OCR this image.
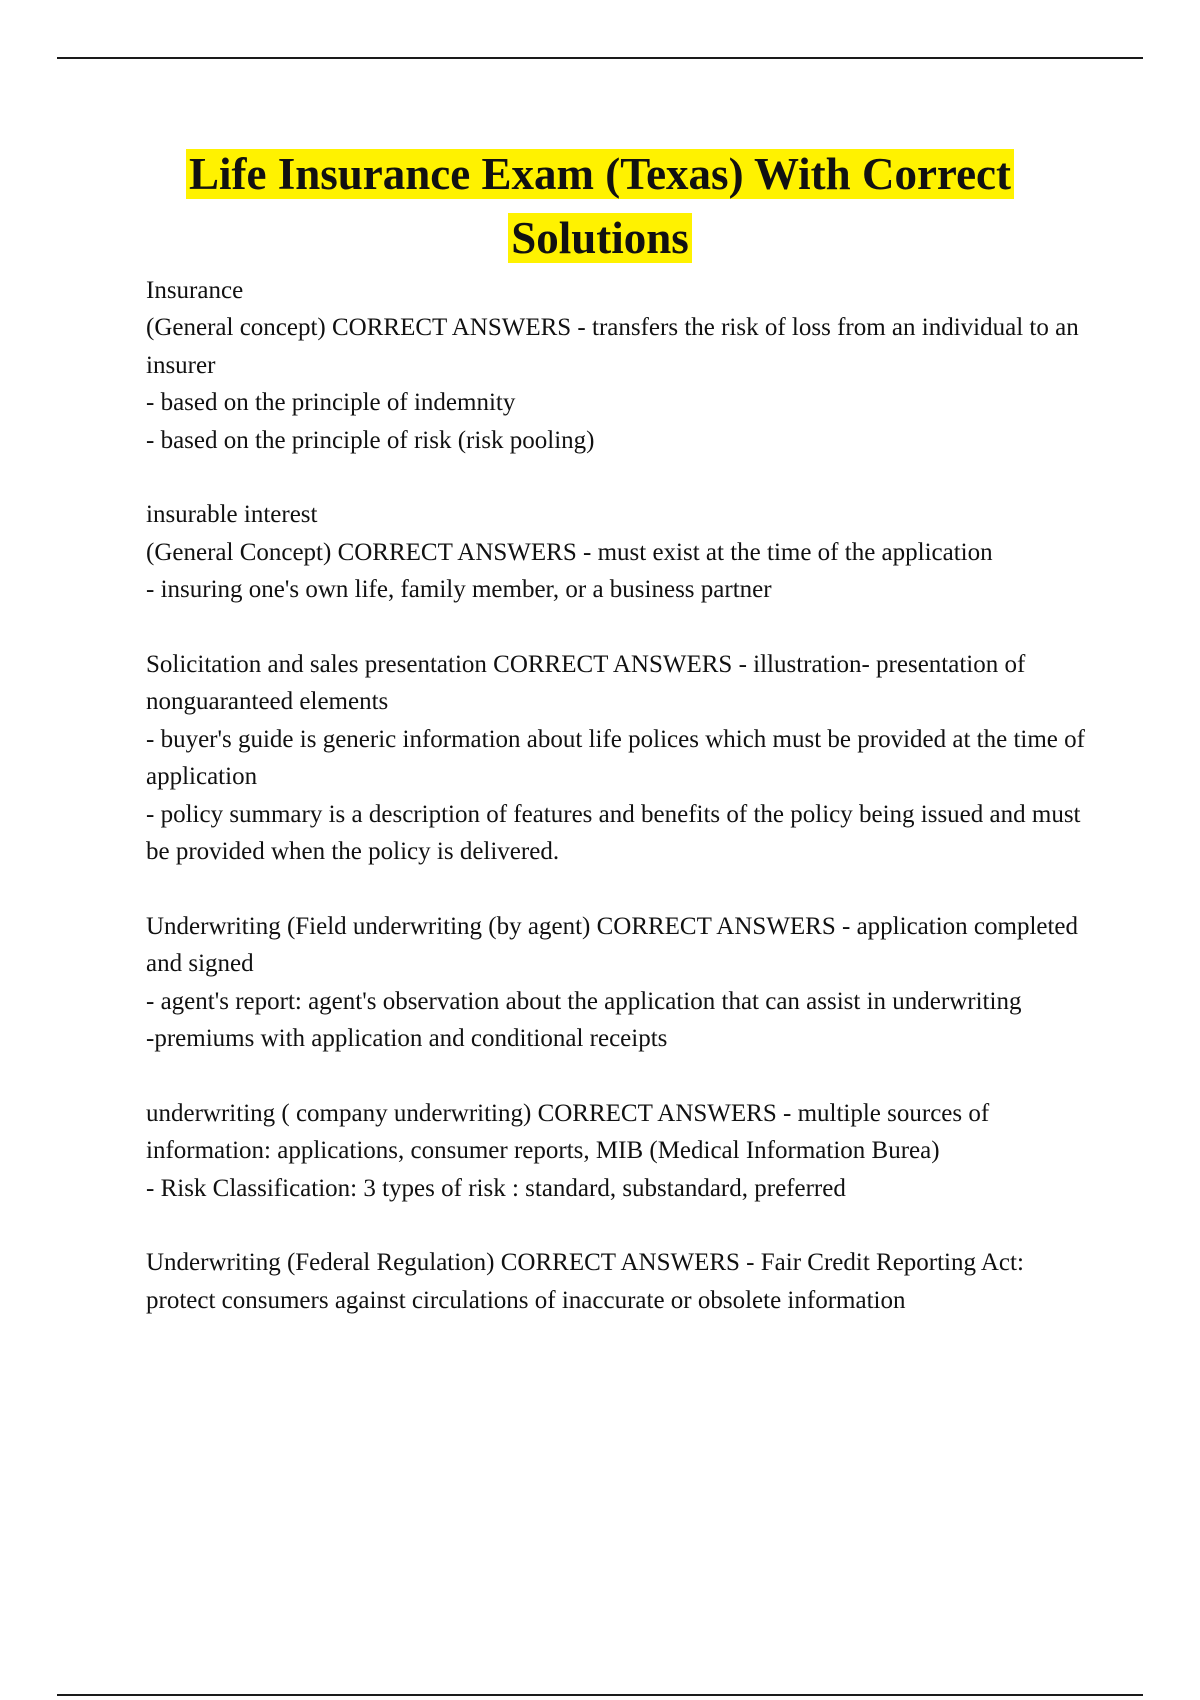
Life Insurance Exam (Texas) With Correct
Solutions

Insurance

(General concept) CORRECT ANSWERS - transfers the risk of loss from an individual to an insurer

- based on the principle of indemnity

- based on the principle of risk (risk pooling)

insurable interest

(General Concept) CORRECT ANSWERS - must exist at the time of the application

- insuring one's own life, family member, or a business partner

Solicitation and sales presentation CORRECT ANSWERS - illustration- presentation of nonguaranteed elements

- buyer's guide is generic information about life polices which must be provided at the time of application

- policy summary is a description of features and benefits of the policy being issued and must be provided when the policy is delivered.

Underwriting (Field underwriting (by agent) CORRECT ANSWERS - application completed and signed

- agent's report: agent's observation about the application that can assist in underwriting

-premiums with application and conditional receipts

underwriting ( company underwriting) CORRECT ANSWERS - multiple sources of information: applications, consumer reports, MIB (Medical Information Burea)

- Risk Classification: 3 types of risk : standard, substandard, preferred

Underwriting (Federal Regulation) CORRECT ANSWERS - Fair Credit Reporting Act: protect consumers against circulations of inaccurate or obsolete information
